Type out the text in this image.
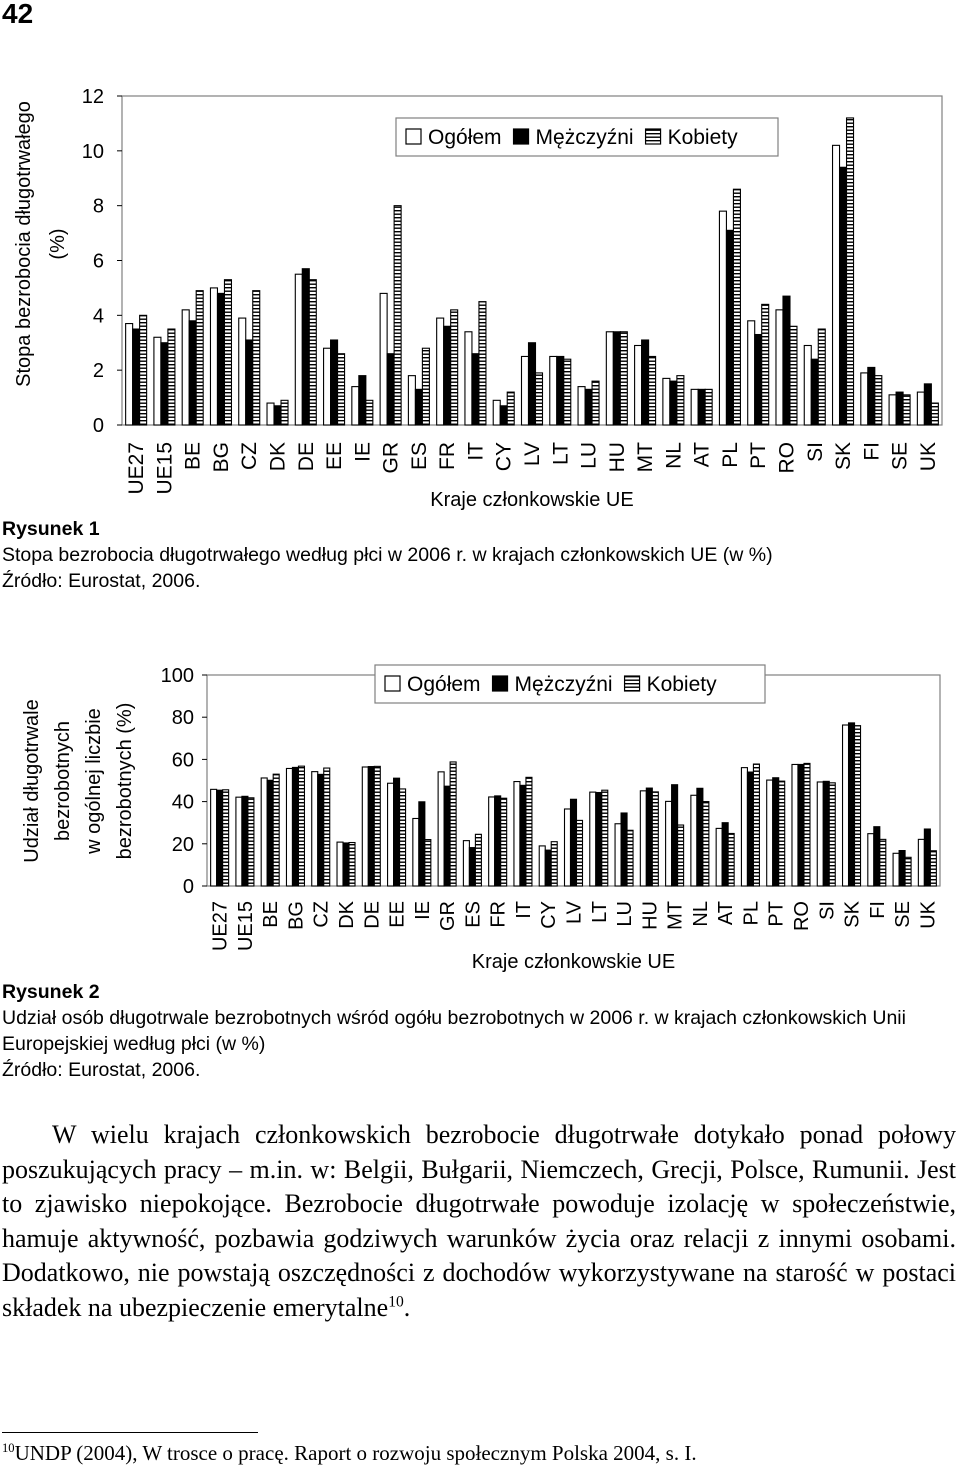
42
0
2
4
6
8
10
12
UE27 UE15 BE BG CZ DK DE EE IE GR ES FR IT CY LV LT LU HU MT NL AT PL PT RO SI SK FI SE UK
Stopa bezrobocia długotrwałego (%)
Kraje członkowskie UE
Ogółem Mężczyźni Kobiety
Rysunek 1
Stopa bezrobocia długotrwałego według płci w 2006 r. w krajach członkowskich UE (w %)
Źródło: Eurostat, 2006.
0
20
40
60
80
100
UE27 UE15 BE BG CZ DK DE EE IE GR ES FR IT CY LV LT LU HU MT NL AT PL PT RO SI SK FI SE UK
Udział długotrwale bezrobotnych w ogólnej liczbie bezrobotnych (%)
Kraje członkowskie UE
Ogółem Mężczyźni Kobiety
Rysunek 2
Udział osób długotrwale bezrobotnych wśród ogółu bezrobotnych w 2006 r. w krajach członkowskich Unii Europejskiej według płci (w %)
Źródło: Eurostat, 2006.

W wielu krajach członkowskich bezrobocie długotrwałe dotykało ponad połowy poszukujących pracy – m.in. w: Belgii, Bułgarii, Niemczech, Grecji, Polsce, Rumunii. Jest to zjawisko niepokojące. Bezrobocie długotrwałe powoduje izolację w społeczeństwie, hamuje aktywność, pozbawia godziwych warunków życia oraz relacji z innymi osobami. Dodatkowo, nie powstają oszczędności z dochodów wykorzystywane na starość w postaci składek na ubezpieczenie emerytalne$^{10}$.

$^{10}$UNDP (2004), W trosce o pracę. Raport o rozwoju społecznym Polska 2004, s. I.
